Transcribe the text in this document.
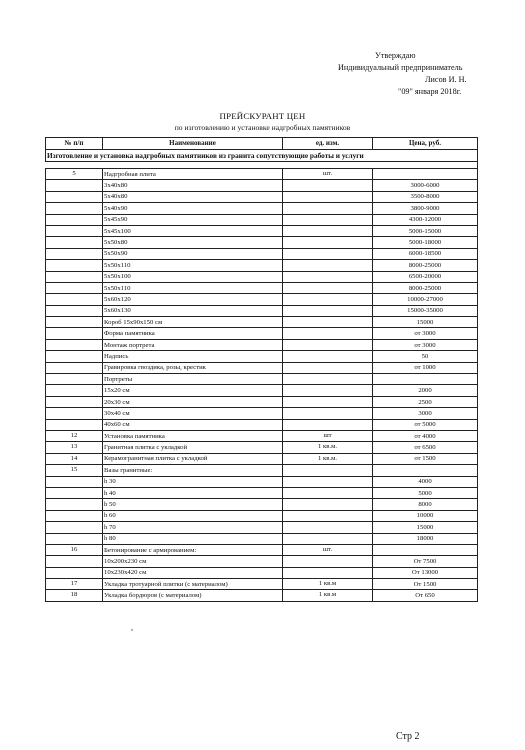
Утверждаю
Индивидуальный предприниматель
Лисов И. Н.
"09" января 2018г.
ПРЕЙСКУРАНТ ЦЕН
по изготовлению и установке надгробных памятников
№ п/п	Наименование	ед. изм.	Цена, руб.
Изготовление и установка надгробных памятников из гранита сопутствующие работы и услуги			

5	Надгробная плита	шт.	
	3х40х80		3000-6000
	5х40х80		3500-8000
	5х40х90		3800-9000
	5х45х90		4300-12000
	5х45х100		5000-15000
	5х50х80		5000-18000
	5х50х90		6000-18500
	5х50х110		8000-25000
	5х50х100		6500-20000
	5х50х110		8000-25000
	5х60х120		10000-27000
	5х60х130		15000-35000
	Короб 15х90х150 см		15000
	Форма памятника		от 3000
	Монтаж портрета		от 3000
	Надпись		50
	Гравировка гвоздика, розы, крестик		от 1000
	Портреты		
	15х20 см		2000
	20х30 см		2500
	30х40 см		3000
	40х60 см		от 5000
12	Установка памятника	шт	от 4000
13	Гранитная плитка с укладкой	1 кв.м.	от 6500
14	Керамогранитная плитка с укладкой	1 кв.м.	от 1500
15	Вазы гранитные:		
	h 30		4000
	h 40		5000
	h 50		8000
	h 60		10000
	h 70		15000
	h 80		18000
16	Бетонирование с армированием:	шт.	
	10х200х230 см		От 7500
	10х230х420 см		От 13000
17	Укладка тротуарной плитки (с материалом)	1 кв.м	От 1500
18	Укладка бордюров (с материалом)	1 кв.м	От 650
,
Стр 2
